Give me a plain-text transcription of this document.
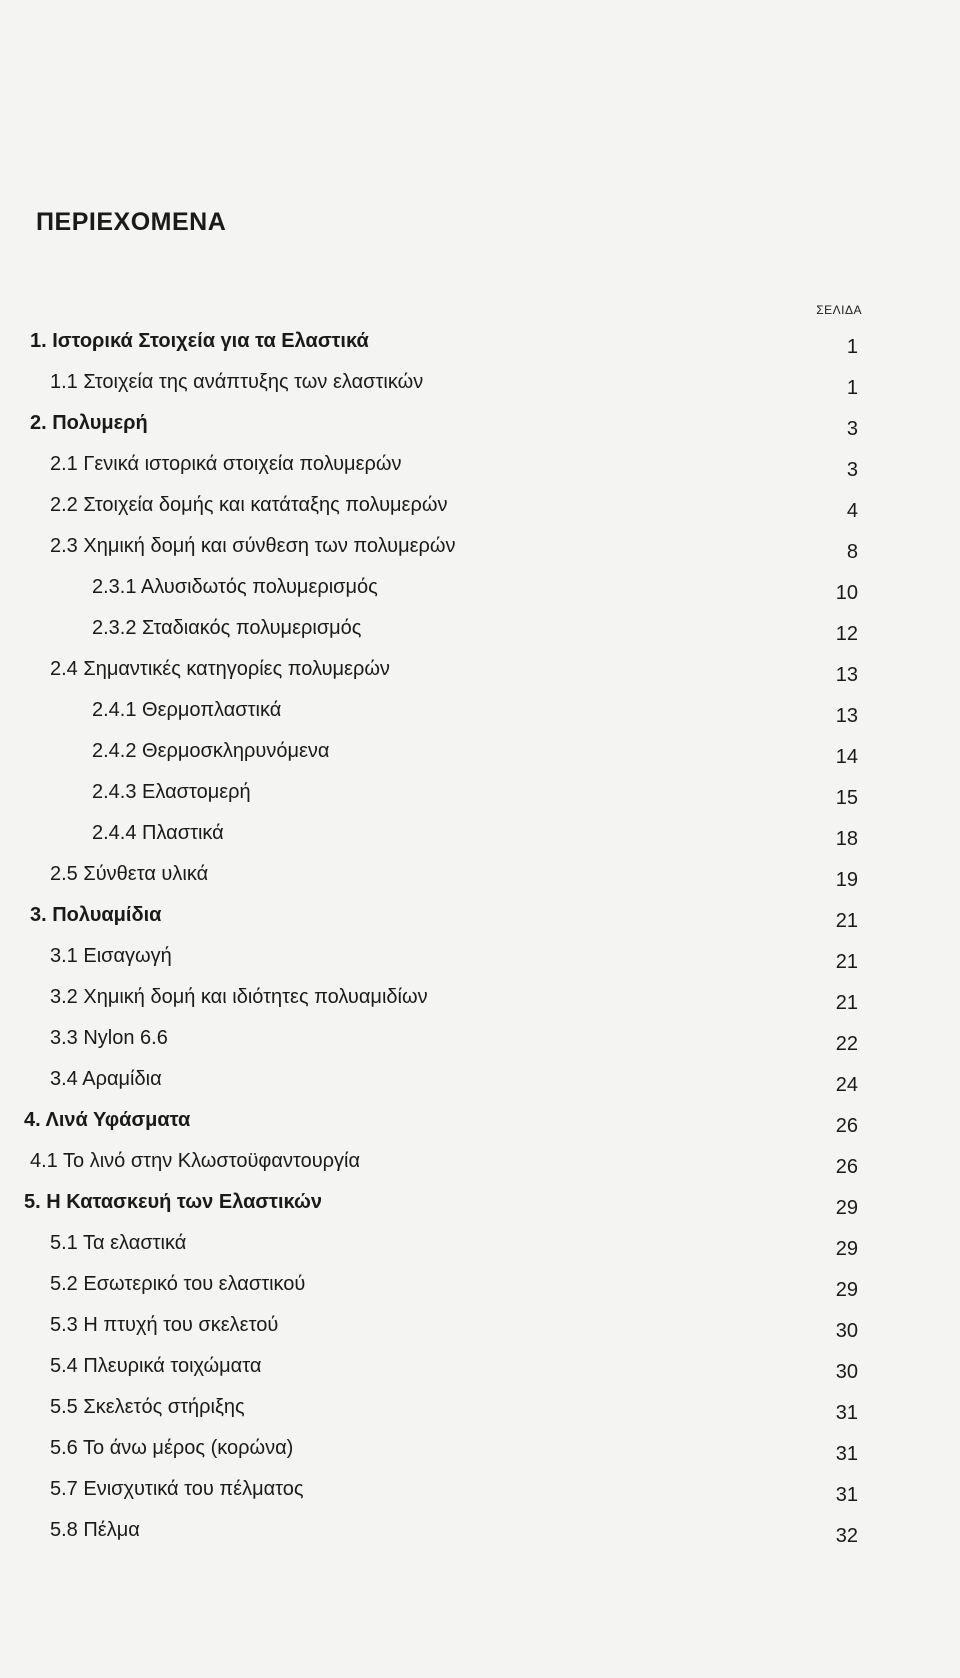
ΠΕΡΙΕΧΟΜΕΝΑ
ΣΕΛΙΔΑ
1. Ιστορικά Στοιχεία για τα Ελαστικά	1
1.1 Στοιχεία της ανάπτυξης των ελαστικών	1
2. Πολυμερή	3
2.1 Γενικά ιστορικά στοιχεία πολυμερών	3
2.2 Στοιχεία δομής και κατάταξης πολυμερών	4
2.3 Χημική δομή και σύνθεση των πολυμερών	8
2.3.1 Αλυσιδωτός πολυμερισμός	10
2.3.2 Σταδιακός πολυμερισμός	12
2.4 Σημαντικές κατηγορίες πολυμερών	13
2.4.1 Θερμοπλαστικά	13
2.4.2 Θερμοσκληρυνόμενα	14
2.4.3 Ελαστομερή	15
2.4.4 Πλαστικά	18
2.5 Σύνθετα υλικά	19
3. Πολυαμίδια	21
3.1 Εισαγωγή	21
3.2 Χημική δομή και ιδιότητες πολυαμιδίων	21
3.3 Nylon 6.6	22
3.4 Αραμίδια	24
4. Λινά Υφάσματα	26
4.1 Το λινό στην Κλωστοϋφαντουργία	26
5. Η Κατασκευή των Ελαστικών	29
5.1 Τα ελαστικά	29
5.2 Εσωτερικό του ελαστικού	29
5.3 Η πτυχή του σκελετού	30
5.4 Πλευρικά τοιχώματα	30
5.5 Σκελετός στήριξης	31
5.6 Το άνω μέρος (κορώνα)	31
5.7 Ενισχυτικά του πέλματος	31
5.8 Πέλμα	32
